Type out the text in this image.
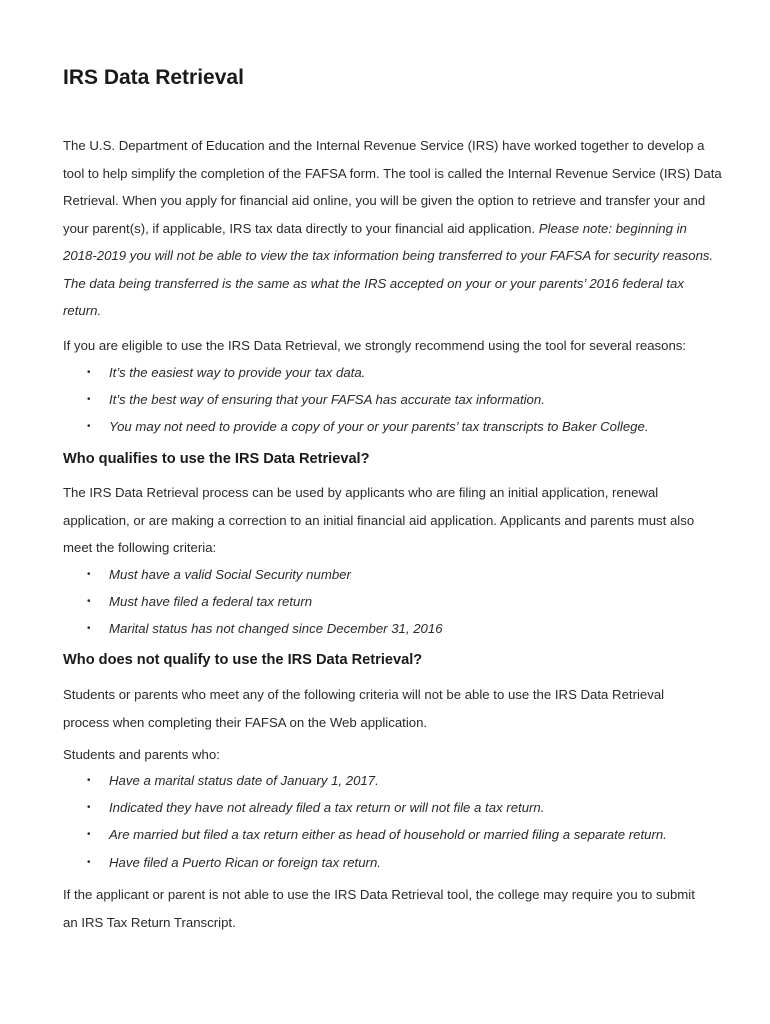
IRS Data Retrieval

The U.S. Department of Education and the Internal Revenue Service (IRS) have worked together to develop a tool to help simplify the completion of the FAFSA form. The tool is called the Internal Revenue Service (IRS) Data Retrieval. When you apply for financial aid online, you will be given the option to retrieve and transfer your and your parent(s), if applicable, IRS tax data directly to your financial aid application. Please note: beginning in 2018-2019 you will not be able to view the tax information being transferred to your FAFSA for security reasons. The data being transferred is the same as what the IRS accepted on your or your parents’ 2016 federal tax return.

If you are eligible to use the IRS Data Retrieval, we strongly recommend using the tool for several reasons:

• It’s the easiest way to provide your tax data.
• It’s the best way of ensuring that your FAFSA has accurate tax information.
• You may not need to provide a copy of your or your parents’ tax transcripts to Baker College.
Who qualifies to use the IRS Data Retrieval?

The IRS Data Retrieval process can be used by applicants who are filing an initial application, renewal application, or are making a correction to an initial financial aid application. Applicants and parents must also meet the following criteria:

• Must have a valid Social Security number
• Must have filed a federal tax return
• Marital status has not changed since December 31, 2016
Who does not qualify to use the IRS Data Retrieval?

Students or parents who meet any of the following criteria will not be able to use the IRS Data Retrieval process when completing their FAFSA on the Web application.

Students and parents who:

• Have a marital status date of January 1, 2017.
• Indicated they have not already filed a tax return or will not file a tax return.
• Are married but filed a tax return either as head of household or married filing a separate return.
• Have filed a Puerto Rican or foreign tax return.

If the applicant or parent is not able to use the IRS Data Retrieval tool, the college may require you to submit an IRS Tax Return Transcript.
